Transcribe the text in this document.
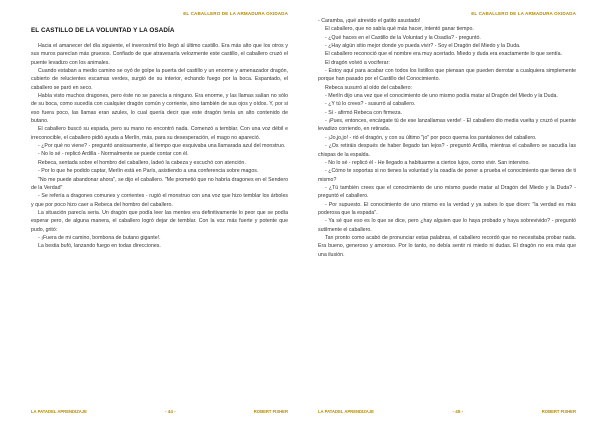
EL CABALLERO DE LA ARMADURA OXIDADA
EL CASTILLO DE LA VOLUNTAD Y LA OSADÍA

Hacia el amanecer del día siguiente, el inverosímil trío llegó al último castillo. Era más alto que los otros y sus muros parecían más gruesos. Confiado de que atravesaría velozmente este castillo, el caballero cruzó el puente levadizo con los animales.

Cuando estaban a medio camino se oyó de golpe la puerta del castillo y un enorme y amenazador dragón, cubierto de relucientes escamas verdes, surgió de su interior, echando fuego por la boca. Espantado, el caballero se paró en seco.

Había visto muchos dragones, pero éste no se parecía a ninguno. Era enorme, y las llamas salían no sólo de su boca, como sucedía con cualquier dragón común y corriente, sino también de sus ojos y oídos. Y, por si eso fuera poco, las llamas eran azules, lo cual quería decir que este dragón tenía un alto contenido de butano.

El caballero buscó su espada, pero su mano no encontró nada. Comenzó a temblar. Con una voz débil e irreconocible, el caballero pidió ayuda a Merlín, más, para su desesperación, el mago no apareció.

- ¿Por qué no viene? - preguntó ansiosamente, al tiempo que esquivaba una llamarada azul del monstruo.

- No lo sé - replicó Ardilla - Normalmente se puede contar con él.

Rebeca, sentada sobre el hombro del caballero, ladeó la cabeza y escuchó con atención.

- Por lo que he podido captar, Merlín está en París, asistiendo a una conferencia sobre magos.

"No me puede abandonar ahora", se dijo el caballero. "Me prometió que no habría dragones en el Sendero de la Verdad"

- Se refería a dragones comunes y corrientes - rugió el monstruo con una voz que hizo temblar los árboles y que por poco hizo caer a Rebeca del hombro del caballero.

La situación parecía seria. Un dragón que podía leer las mentes era definitivamente lo peor que se podía esperar pero, de alguna manera, el caballero logró dejar de temblar. Con la voz más fuerte y potente que pudo, gritó:

- ¡Fuera de mi camino, bombona de butano gigante!.

La bestia bufó, lanzando fuego en todas direcciones.

LA PATADEL APRENDIZAJE	- 44 -	ROBERT FISHER
EL CABALLERO DE LA ARMADURA OXIDADA

- Caramba, ¡qué atrevido el gatito asustado!

El caballero, que no sabía qué más hacer, intentó ganar tiempo.

- ¿Qué haces en el Castillo de la Voluntad y la Osadía? - preguntó.

- ¿Hay algún sitio mejor donde yo pueda vivir? - Soy el Dragón del Miedo y la Duda.

El caballero reconoció que el nombre era muy acertado. Miedo y duda era exactamente lo que sentía.

El dragón volvió a vociferar:

- Estoy aquí para acabar con todos los listillos que piensan que pueden derrotar a cualquiera simplemente porque han pasado por el Castillo del Conocimiento.

Rebeca susurró al oído del caballero:

- Merlín dijo una vez que el conocimiento de uno mismo podía matar al Dragón del Miedo y la Duda.

- ¿Y tú lo crees? - susurró al caballero.

- Sí - afirmó Rebeca con firmeza.

- ¡Pues, entonces, encárgate tú de ese lanzallamas verde! - El caballero dio media vuelta y cruzó el puente levadizo corriendo, en retirada.

- ¡Jo,jo,jo! - rió el dragón, y con su último "jo" por poco quema los pantalones del caballero.

- ¿Os retiráis después de haber llegado tan lejos? - preguntó Ardilla, mientras el caballero se sacudía las chispas de la espalda.

- No lo sé - replicó él - He llegado a habituarme a ciertos lujos, como vivir. San intervino.

- ¿Cómo te soportas si no tienes la voluntad y la osadía de poner a prueba el conocimiento que tienes de ti mismo?

- ¿Tú también crees que el conocimiento de uno mismo puede matar al Dragón del Miedo y la Duda? - preguntó el caballero.

- Por supuesto. El conocimiento de uno mismo es la verdad y ya sabes lo que dicen: "la verdad es más poderosa que la espada".

- Ya sé que eso es lo que se dice, pero ¿hay alguien que lo haya probado y haya sobrevivido? - preguntó sutilmente el caballero.

Tan pronto como acabó de pronunciar estas palabras, el caballero recordó que no necesitaba probar nada. Era bueno, generoso y amoroso. Por lo tanto, no debía sentir ni miedo ni dudas. El dragón no era más que una ilusión.

LA PATADEL APRENDIZAJE	- 45 -	ROBERT FISHER
